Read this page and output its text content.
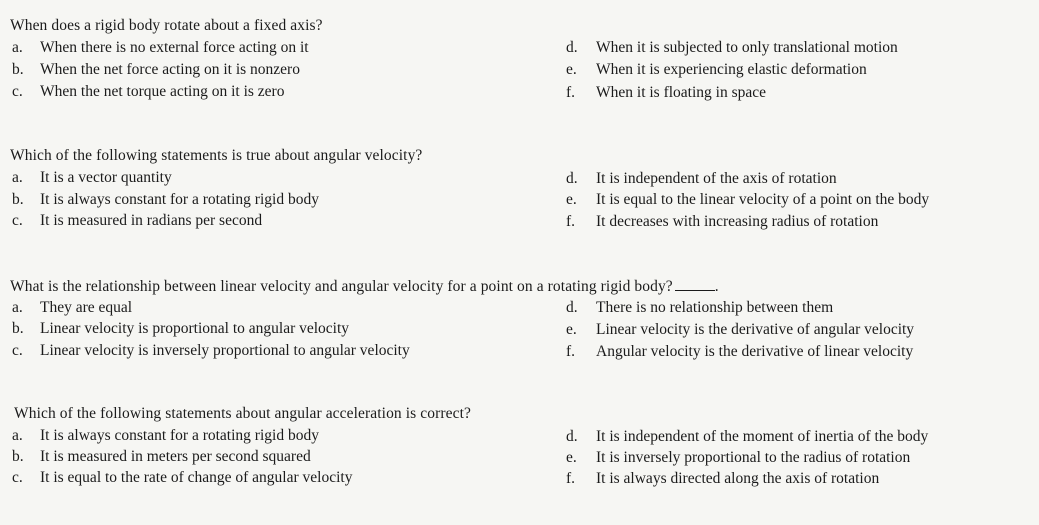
When does a rigid body rotate about a fixed axis?
a. When there is no external force acting on it
b. When the net force acting on it is nonzero
c. When the net torque acting on it is zero
d. When it is subjected to only translational motion
e. When it is experiencing elastic deformation
f. When it is floating in space
Which of the following statements is true about angular velocity?
a. It is a vector quantity
b. It is always constant for a rotating rigid body
c. It is measured in radians per second
d. It is independent of the axis of rotation
e. It is equal to the linear velocity of a point on the body
f. It decreases with increasing radius of rotation
What is the relationship between linear velocity and angular velocity for a point on a rotating rigid body?	.
a. They are equal
b. Linear velocity is proportional to angular velocity
c. Linear velocity is inversely proportional to angular velocity
d. There is no relationship between them
e. Linear velocity is the derivative of angular velocity
f. Angular velocity is the derivative of linear velocity
Which of the following statements about angular acceleration is correct?
a. It is always constant for a rotating rigid body
b. It is measured in meters per second squared
c. It is equal to the rate of change of angular velocity
d. It is independent of the moment of inertia of the body
e. It is inversely proportional to the radius of rotation
f. It is always directed along the axis of rotation
